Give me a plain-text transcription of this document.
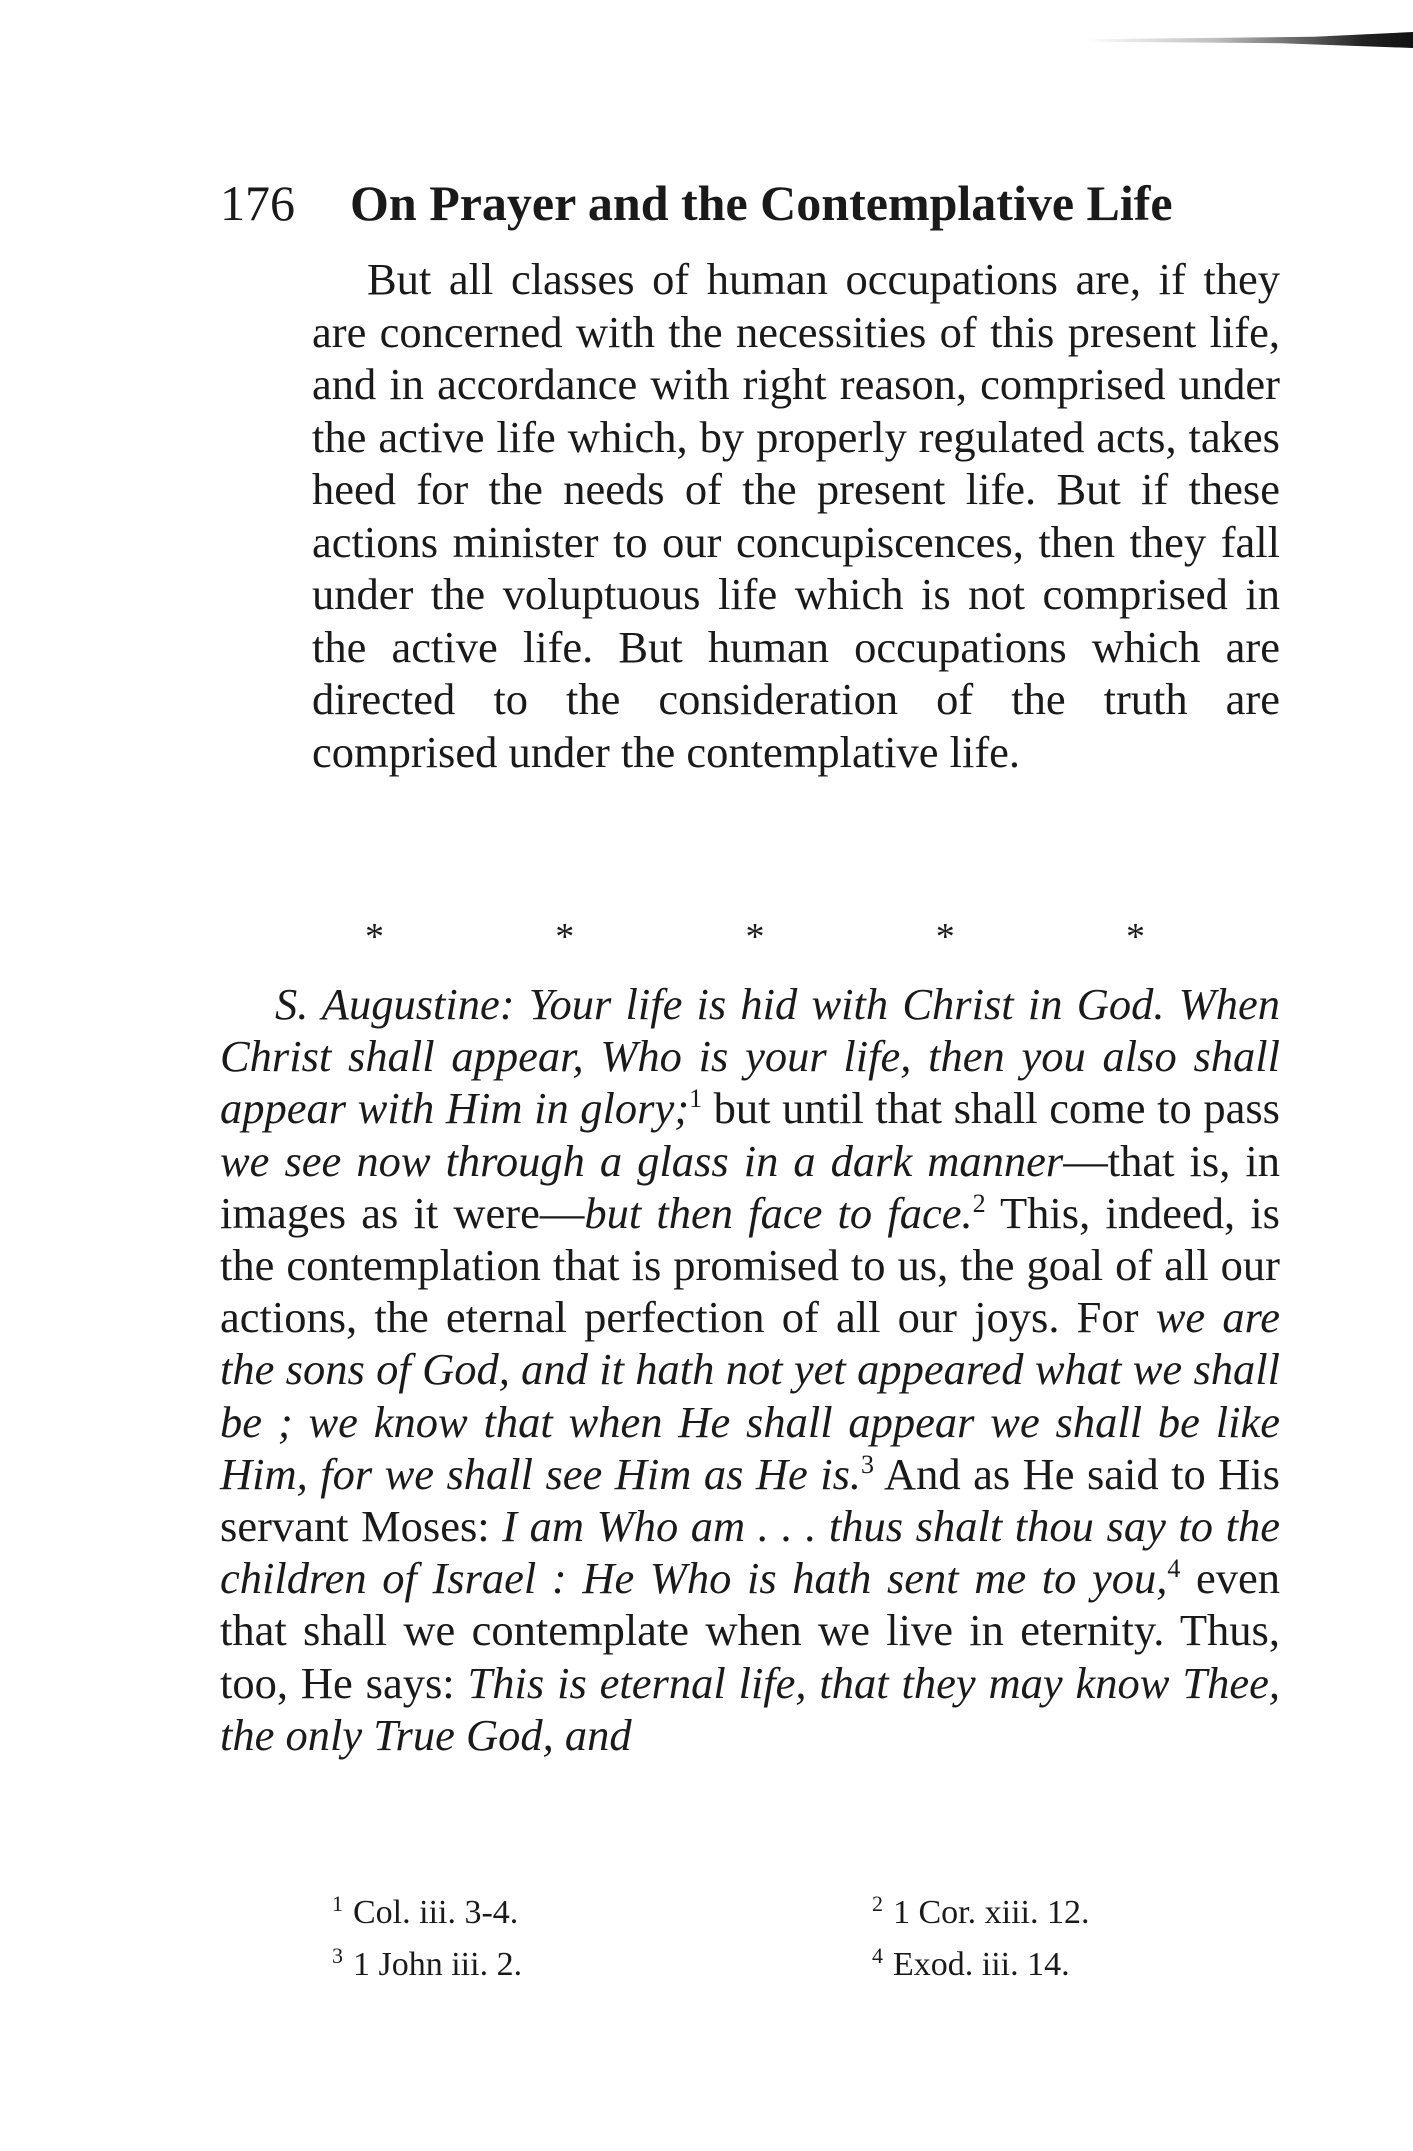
176 On Prayer and the Contemplative Life

But all classes of human occupations are, if they are concerned with the necessities of this present life, and in accordance with right reason, comprised under the active life which, by properly regulated acts, takes heed for the needs of the present life. But if these actions minister to our concupiscences, then they fall under the voluptuous life which is not comprised in the active life. But human occupations which are directed to the consideration of the truth are comprised under the contemplative life.

*	*	*	*	*

S. Augustine: Your life is hid with Christ in God. When Christ shall appear, Who is your life, then you also shall appear with Him in glory;$^1$ but until that shall come to pass we see now through a glass in a dark manner—that is, in images as it were—but then face to face.$^2$ This, indeed, is the contemplation that is promised to us, the goal of all our actions, the eternal perfection of all our joys. For we are the sons of God, and it hath not yet appeared what we shall be ; we know that when He shall appear we shall be like Him, for we shall see Him as He is.$^3$ And as He said to His servant Moses: I am Who am . . . thus shalt thou say to the children of Israel : He Who is hath sent me to you,$^4$ even that shall we contemplate when we live in eternity. Thus, too, He says: This is eternal life, that they may know Thee, the only True God, and

$^1$ Col. iii. 3-4.	$^2$ 1 Cor. xiii. 12.
$^3$ 1 John iii. 2.	$^4$ Exod. iii. 14.
